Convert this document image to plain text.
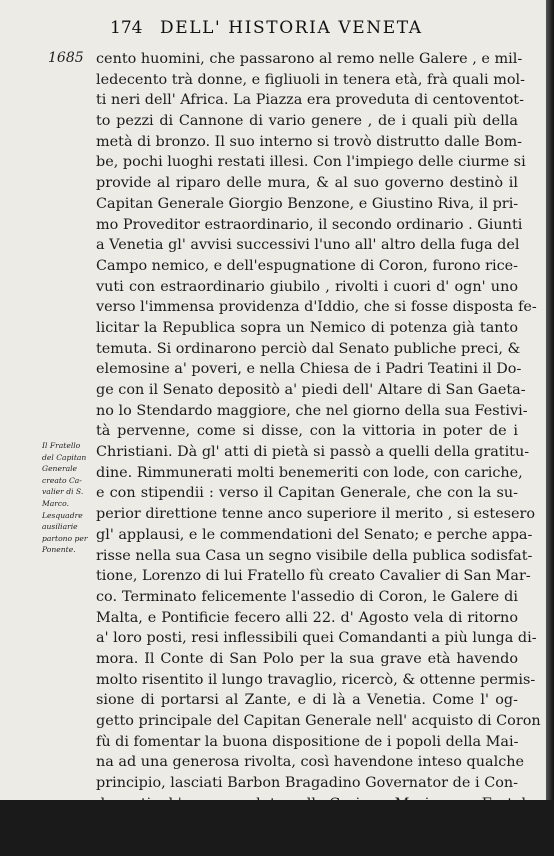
174 DELL' HISTORIA VENETA
1685
Il Fratello
del Capitan
Generale
creato Ca-
valier di S.
Marco.
Lesquadre
ausiliarie
partono per
Ponente.
cento huomini, che passarono al remo nelle Galere , e mil-
ledecento trà donne, e figliuoli in tenera età, frà quali mol-
ti neri dell' Africa. La Piazza era proveduta di centoventot-
to pezzi di Cannone di vario genere , de i quali più della
metà di bronzo. Il suo interno si trovò distrutto dalle Bom-
be, pochi luoghi restati illesi. Con l'impiego delle ciurme si
provide al riparo delle mura, & al suo governo destinò il
Capitan Generale Giorgio Benzone, e Giustino Riva, il pri-
mo Proveditor estraordinario, il secondo ordinario . Giunti
a Venetia gl' avvisi successivi l'uno all' altro della fuga del
Campo nemico, e dell'espugnatione di Coron, furono rice-
vuti con estraordinario giubilo , rivolti i cuori d' ogn' uno
verso l'immensa providenza d'Iddio, che si fosse disposta fe-
licitar la Republica sopra un Nemico di potenza già tanto
temuta. Si ordinarono perciò dal Senato publiche preci, &
elemosine a' poveri, e nella Chiesa de i Padri Teatini il Do-
ge con il Senato depositò a' piedi dell' Altare di San Gaeta-
no lo Stendardo maggiore, che nel giorno della sua Festivi-
tà pervenne, come si disse, con la vittoria in poter de i
Christiani. Dà gl' atti di pietà si passò a quelli della gratitu-
dine. Rimmunerati molti benemeriti con lode, con cariche,
e con stipendii : verso il Capitan Generale, che con la su-
perior direttione tenne anco superiore il merito , si estesero
gl' applausi, e le commendationi del Senato; e perche appa-
risse nella sua Casa un segno visibile della publica sodisfat-
tione, Lorenzo di lui Fratello fù creato Cavalier di San Mar-
co. Terminato felicemente l'assedio di Coron, le Galere di
Malta, e Pontificie fecero alli 22. d' Agosto vela di ritorno
a' loro posti, resi inflessibili quei Comandanti a più lunga di-
mora. Il Conte di San Polo per la sua grave età havendo
molto risentito il lungo travaglio, ricercò, & ottenne permis-
sione di portarsi al Zante, e di là a Venetia. Come l' og-
getto principale del Capitan Generale nell' acquisto di Coron
fù di fomentar la buona dispositione de i popoli della Mai-
na ad una generosa rivolta, così havendone inteso qualche
principio, lasciati Barbon Bragadino Governator de i Con-
dennati, ch'era succeduto nella Carica a Marino suo Fratel-
lo, mancato di vita dopo sofferti lunghi disagj, e li Sopra-
comi-
